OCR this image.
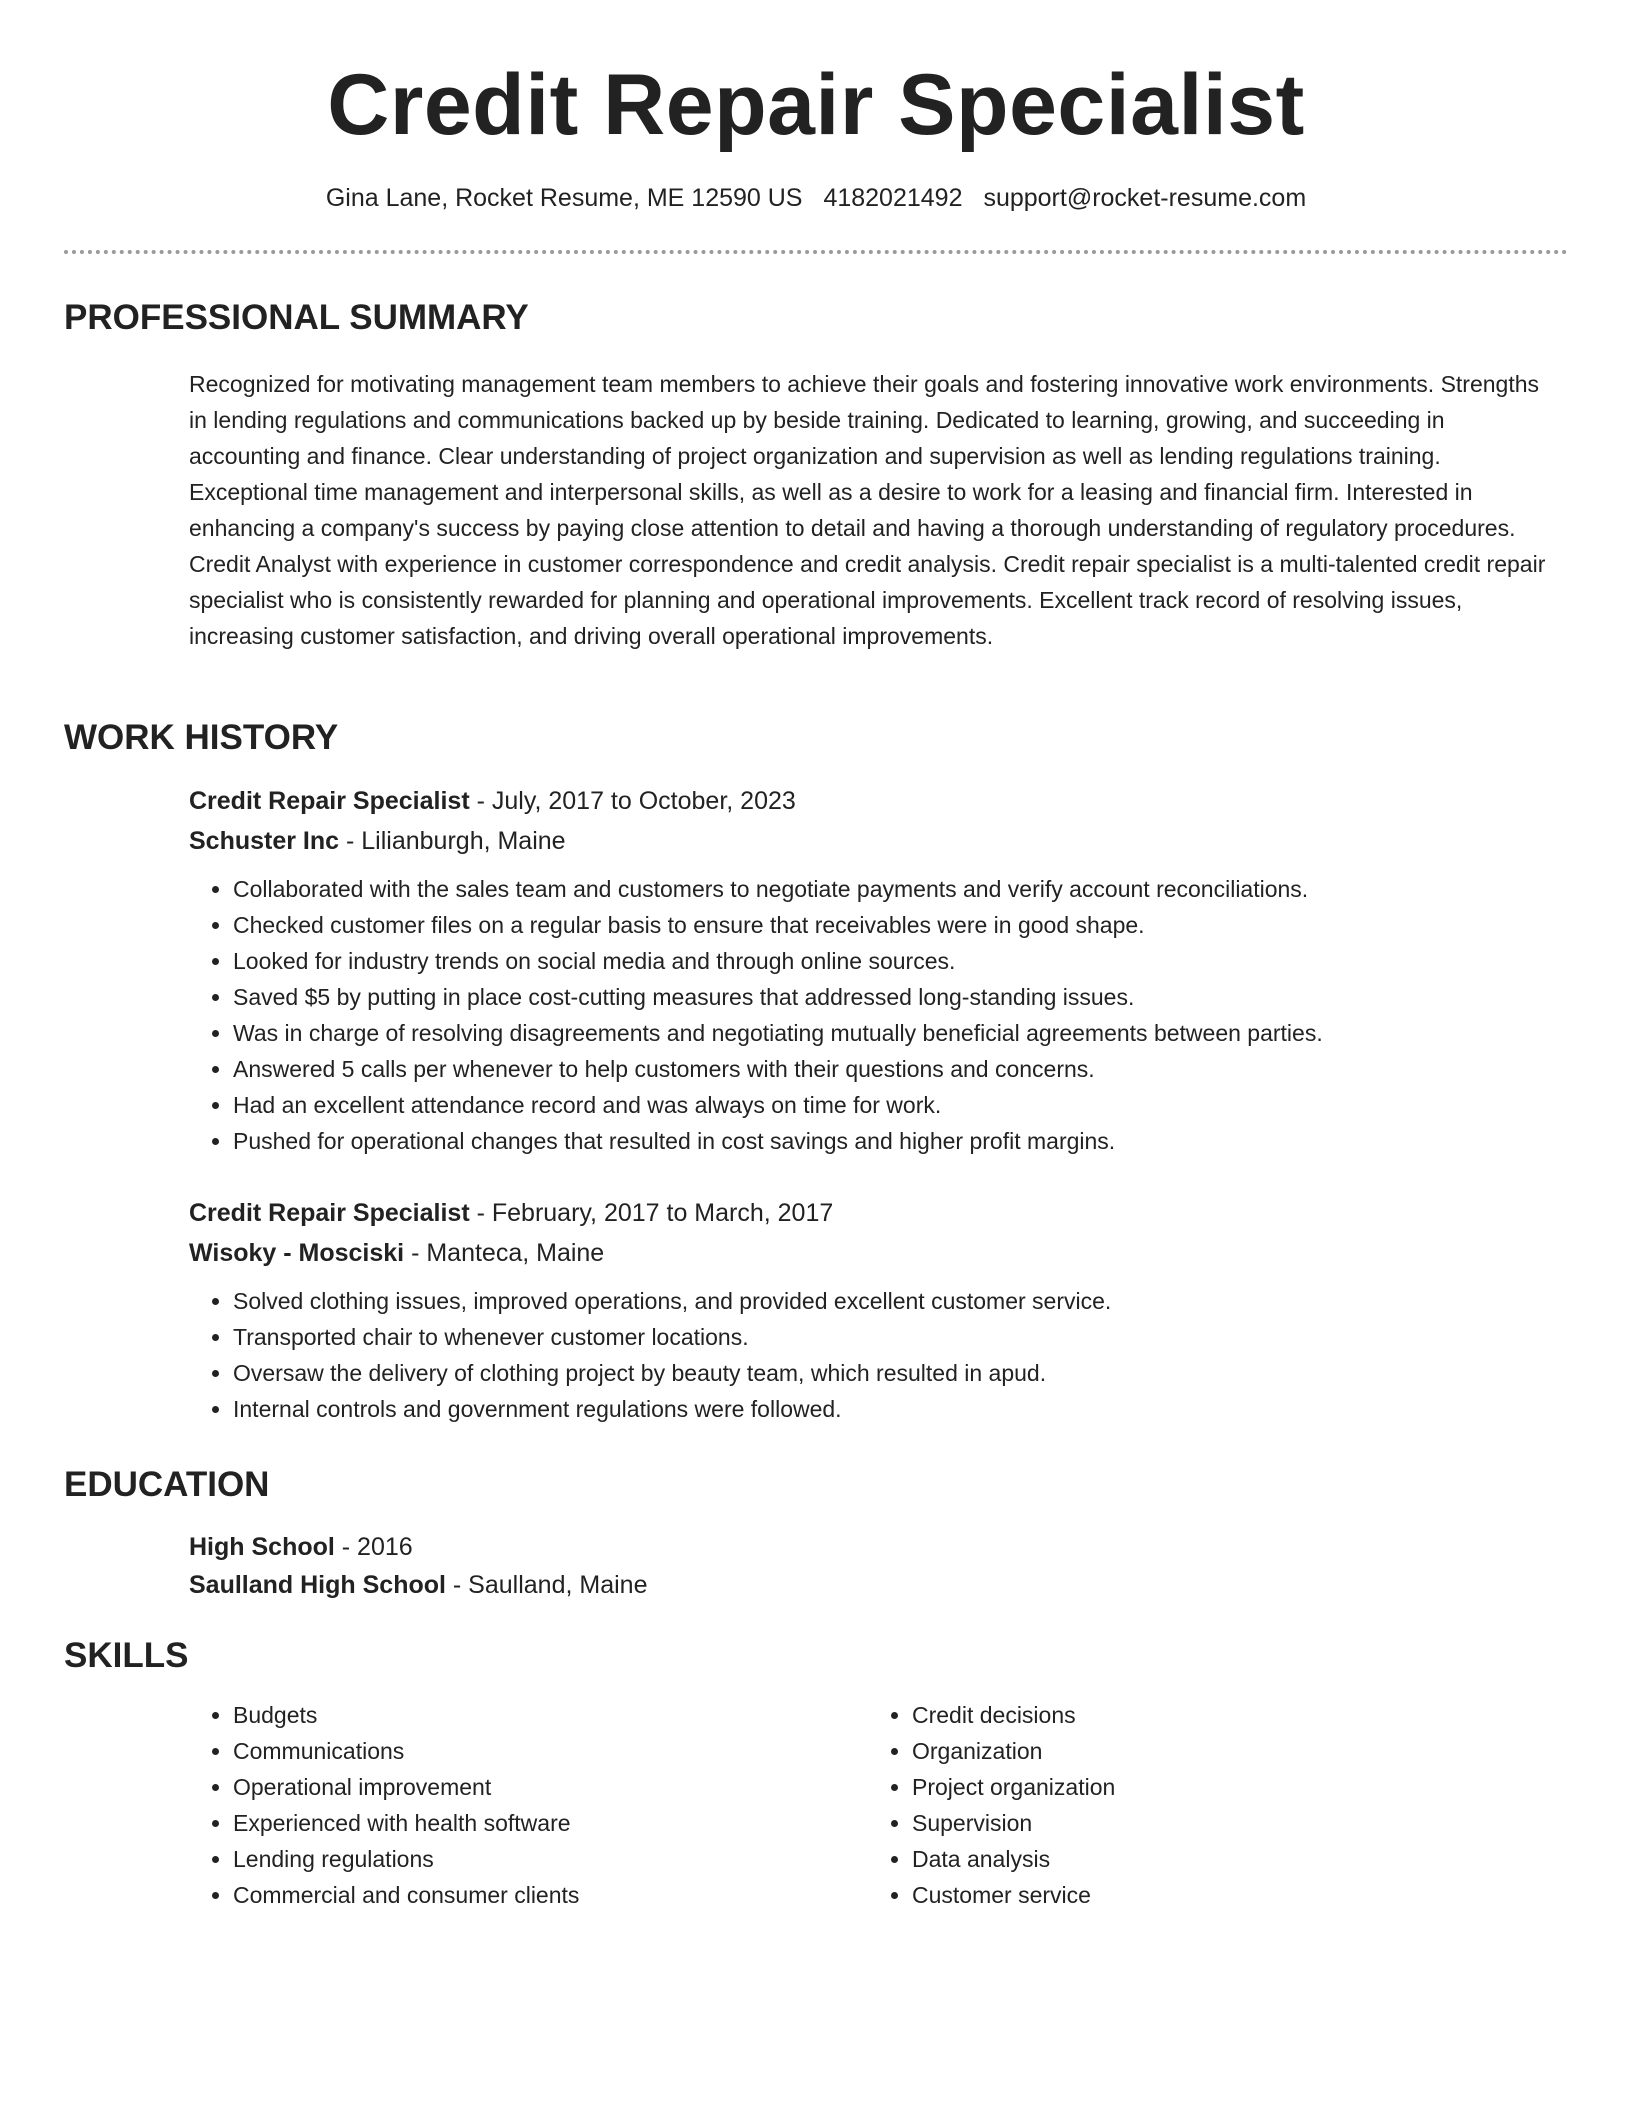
Credit Repair Specialist
Gina Lane, Rocket Resume, ME 12590 US 4182021492 support@rocket-resume.com
PROFESSIONAL SUMMARY

Recognized for motivating management team members to achieve their goals and fostering innovative work environments. Strengths in lending regulations and communications backed up by beside training. Dedicated to learning, growing, and succeeding in accounting and finance. Clear understanding of project organization and supervision as well as lending regulations training. Exceptional time management and interpersonal skills, as well as a desire to work for a leasing and financial firm. Interested in enhancing a company's success by paying close attention to detail and having a thorough understanding of regulatory procedures. Credit Analyst with experience in customer correspondence and credit analysis. Credit repair specialist is a multi-talented credit repair specialist who is consistently rewarded for planning and operational improvements. Excellent track record of resolving issues, increasing customer satisfaction, and driving overall operational improvements.

WORK HISTORY

Credit Repair Specialist - July, 2017 to October, 2023

Schuster Inc - Lilianburgh, Maine

• Collaborated with the sales team and customers to negotiate payments and verify account reconciliations.
• Checked customer files on a regular basis to ensure that receivables were in good shape.
• Looked for industry trends on social media and through online sources.
• Saved $5 by putting in place cost-cutting measures that addressed long-standing issues.
• Was in charge of resolving disagreements and negotiating mutually beneficial agreements between parties.
• Answered 5 calls per whenever to help customers with their questions and concerns.
• Had an excellent attendance record and was always on time for work.
• Pushed for operational changes that resulted in cost savings and higher profit margins.

Credit Repair Specialist - February, 2017 to March, 2017

Wisoky - Mosciski - Manteca, Maine

• Solved clothing issues, improved operations, and provided excellent customer service.
• Transported chair to whenever customer locations.
• Oversaw the delivery of clothing project by beauty team, which resulted in apud.
• Internal controls and government regulations were followed.
EDUCATION

High School - 2016

Saulland High School - Saulland, Maine

SKILLS
• Budgets
• Communications
• Operational improvement
• Experienced with health software
• Lending regulations
• Commercial and consumer clients
• Credit decisions
• Organization
• Project organization
• Supervision
• Data analysis
• Customer service
